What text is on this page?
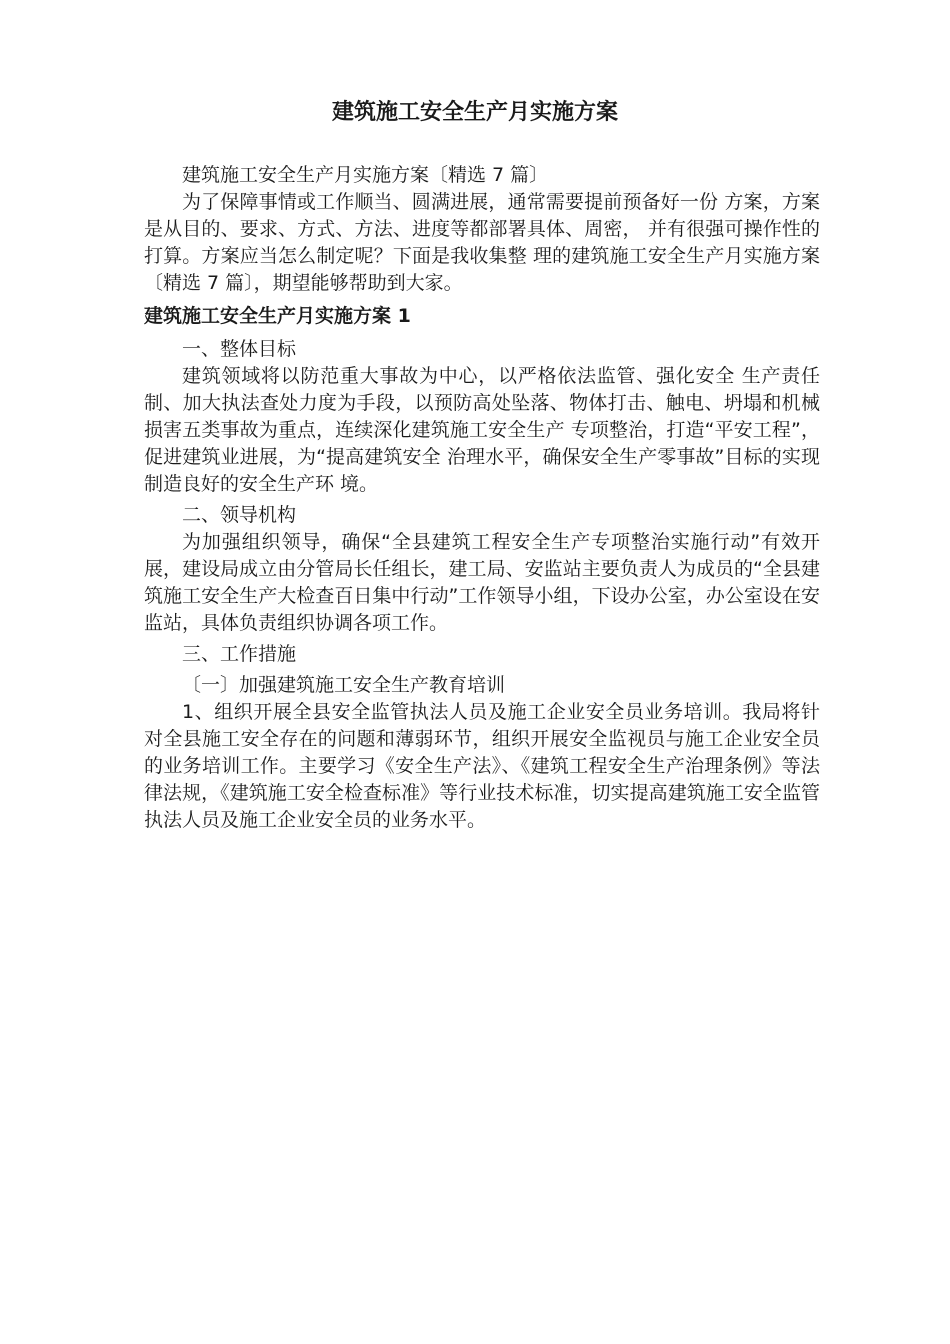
建筑施工安全生产月实施方案

建筑施工安全生产月实施方案〔精选 7 篇〕

为了保障事情或工作顺当、圆满进展，通常需要提前预备好一份 方案，方案是从目的、要求、方式、方法、进度等都部署具体、周密， 并有很强可操作性的打算。方案应当怎么制定呢？下面是我收集整 理的建筑施工安全生产月实施方案〔精选 7 篇〕，期望能够帮助到大家。

建筑施工安全生产月实施方案 1

一、整体目标

建筑领域将以防范重大事故为中心，以严格依法监管、强化安全 生产责任制、加大执法查处力度为手段，以预防高处坠落、物体打击、触电、坍塌和机械损害五类事故为重点，连续深化建筑施工安全生产 专项整治，打造“平安工程”，促进建筑业进展，为“提高建筑安全 治理水平，确保安全生产零事故”目标的实现制造良好的安全生产环 境。

二、领导机构

为加强组织领导，确保“全县建筑工程安全生产专项整治实施行动”有效开展，建设局成立由分管局长任组长，建工局、安监站主要负责人为成员的“全县建筑施工安全生产大检查百日集中行动”工作领导小组，下设办公室，办公室设在安监站，具体负责组织协调各项工作。

三、工作措施

〔一〕加强建筑施工安全生产教育培训

1、组织开展全县安全监管执法人员及施工企业安全员业务培训。我局将针对全县施工安全存在的问题和薄弱环节，组织开展安全监视员与施工企业安全员的业务培训工作。主要学习《安全生产法》、《建筑工程安全生产治理条例》等法律法规，《建筑施工安全检查标准》等行业技术标准，切实提高建筑施工安全监管执法人员及施工企业安全员的业务水平。
